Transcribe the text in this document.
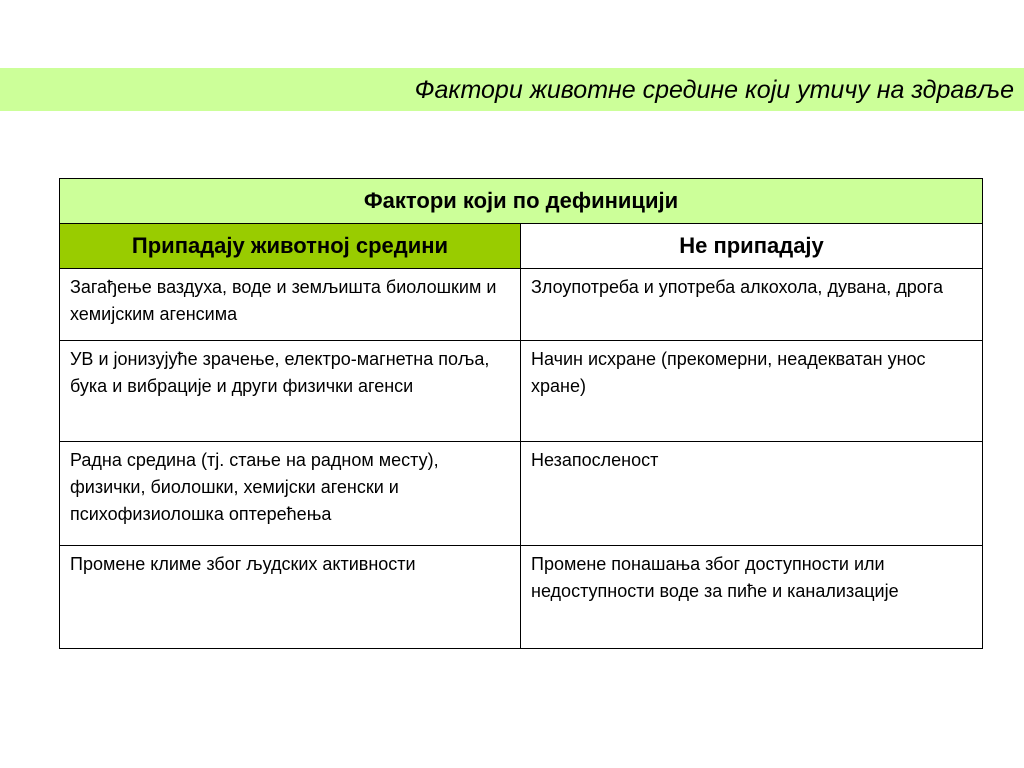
Фактори животне средине који утичу на здравље
Фактори који по дефиницији	
Припадају животној средини	Не припадају
Загађење ваздуха, воде и земљишта биолошким и хемијским агенсима	Злоупотреба и употреба алкохола, дувана, дрога
УВ и јонизујуће зрачење, електро-магнетна поља, бука и вибрације и други физички агенси	Начин исхране (прекомерни, неадекватан унос хране)
Радна средина (тј. стање на радном месту), физички, биолошки, хемијски агенски и психофизиолошка оптерећења	Незапосленост
Промене климе због људских активности	Промене понашања због доступности или недоступности воде за пиће и канализације
